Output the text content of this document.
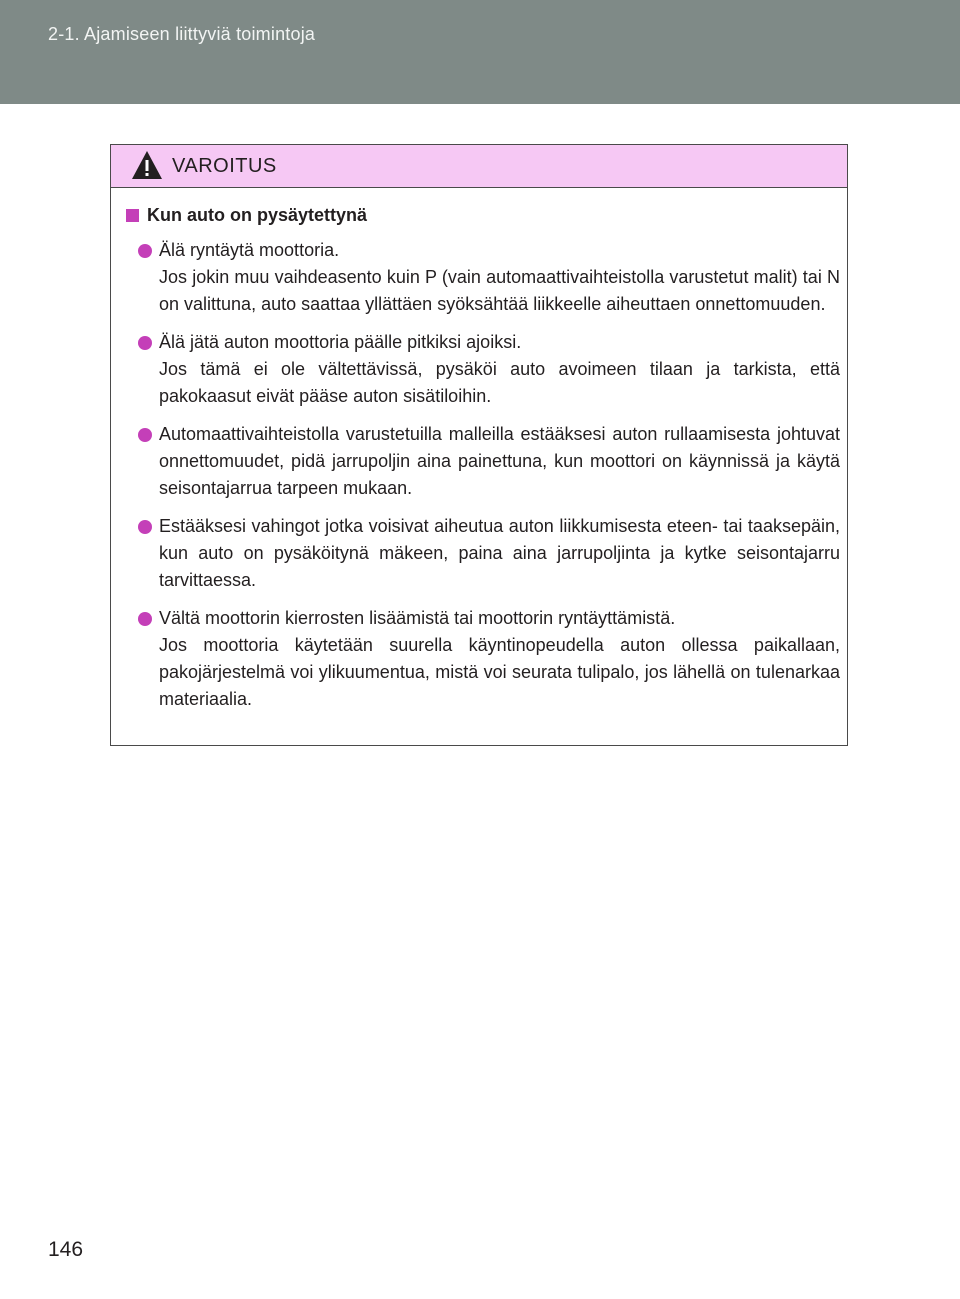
2-1. Ajamiseen liittyviä toimintoja
VAROITUS
Kun auto on pysäytettynä
Älä ryntäytä moottoria.
Jos jokin muu vaihdeasento kuin P (vain automaattivaihteistolla varustetut malit) tai N on valittuna, auto saattaa yllättäen syöksähtää liikkeelle aiheuttaen onnettomuuden.
Älä jätä auton moottoria päälle pitkiksi ajoiksi.
Jos tämä ei ole vältettävissä, pysäköi auto avoimeen tilaan ja tarkista, että pakokaasut eivät pääse auton sisätiloihin.
Automaattivaihteistolla varustetuilla malleilla estääksesi auton rullaamisesta johtuvat onnettomuudet, pidä jarrupoljin aina painettuna, kun moottori on käynnissä ja käytä seisontajarrua tarpeen mukaan.
Estääksesi vahingot jotka voisivat aiheutua auton liikkumisesta eteen- tai taaksepäin, kun auto on pysäköitynä mäkeen, paina aina jarrupoljinta ja kytke seisontajarru tarvittaessa.
Vältä moottorin kierrosten lisäämistä tai moottorin ryntäyttämistä.
Jos moottoria käytetään suurella käyntinopeudella auton ollessa paikallaan, pakojärjestelmä voi ylikuumentua, mistä voi seurata tulipalo, jos lähellä on tulenarkaa materiaalia.
146
